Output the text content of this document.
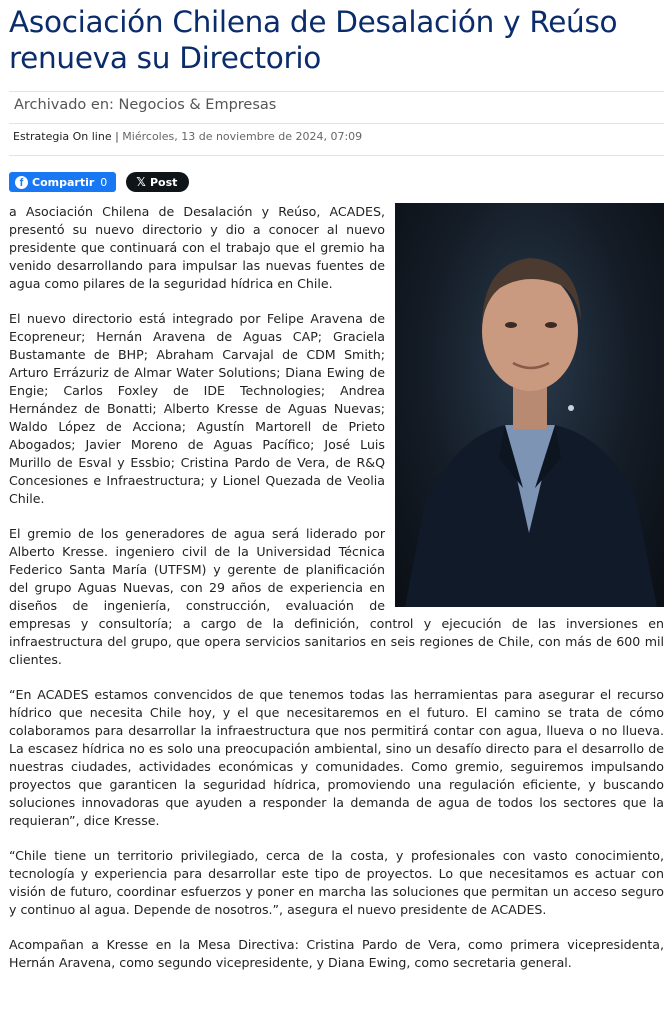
Asociación Chilena de Desalación y Reúso renueva su Directorio
Archivado en: Negocios & Empresas
Estrategia On line | Miércoles, 13 de noviembre de 2024, 07:09
f Compartir 0 𝕏 Post

a Asociación Chilena de Desalación y Reúso, ACADES, presentó su nuevo directorio y dio a conocer al nuevo presidente que continuará con el trabajo que el gremio ha venido desarrollando para impulsar las nuevas fuentes de agua como pilares de la seguridad hídrica en Chile.

El nuevo directorio está integrado por Felipe Aravena de Ecopreneur; Hernán Aravena de Aguas CAP; Graciela Bustamante de BHP; Abraham Carvajal de CDM Smith; Arturo Errázuriz de Almar Water Solutions; Diana Ewing de Engie; Carlos Foxley de IDE Technologies; Andrea Hernández de Bonatti; Alberto Kresse de Aguas Nuevas; Waldo López de Acciona; Agustín Martorell de Prieto Abogados; Javier Moreno de Aguas Pacífico; José Luis Murillo de Esval y Essbio; Cristina Pardo de Vera, de R&Q Concesiones e Infraestructura; y Lionel Quezada de Veolia Chile.

El gremio de los generadores de agua será liderado por Alberto Kresse. ingeniero civil de la Universidad Técnica Federico Santa María (UTFSM) y gerente de planificación del grupo Aguas Nuevas, con 29 años de experiencia en diseños de ingeniería, construcción, evaluación de empresas y consultoría; a cargo de la definición, control y ejecución de las inversiones en infraestructura del grupo, que opera servicios sanitarios en seis regiones de Chile, con más de 600 mil clientes.

“En ACADES estamos convencidos de que tenemos todas las herramientas para asegurar el recurso hídrico que necesita Chile hoy, y el que necesitaremos en el futuro. El camino se trata de cómo colaboramos para desarrollar la infraestructura que nos permitirá contar con agua, llueva o no llueva. La escasez hídrica no es solo una preocupación ambiental, sino un desafío directo para el desarrollo de nuestras ciudades, actividades económicas y comunidades. Como gremio, seguiremos impulsando proyectos que garanticen la seguridad hídrica, promoviendo una regulación eficiente, y buscando soluciones innovadoras que ayuden a responder la demanda de agua de todos los sectores que la requieran”, dice Kresse.

“Chile tiene un territorio privilegiado, cerca de la costa, y profesionales con vasto conocimiento, tecnología y experiencia para desarrollar este tipo de proyectos. Lo que necesitamos es actuar con visión de futuro, coordinar esfuerzos y poner en marcha las soluciones que permitan un acceso seguro y continuo al agua. Depende de nosotros.”, asegura el nuevo presidente de ACADES.

Acompañan a Kresse en la Mesa Directiva: Cristina Pardo de Vera, como primera vicepresidenta, Hernán Aravena, como segundo vicepresidente, y Diana Ewing, como secretaria general.
